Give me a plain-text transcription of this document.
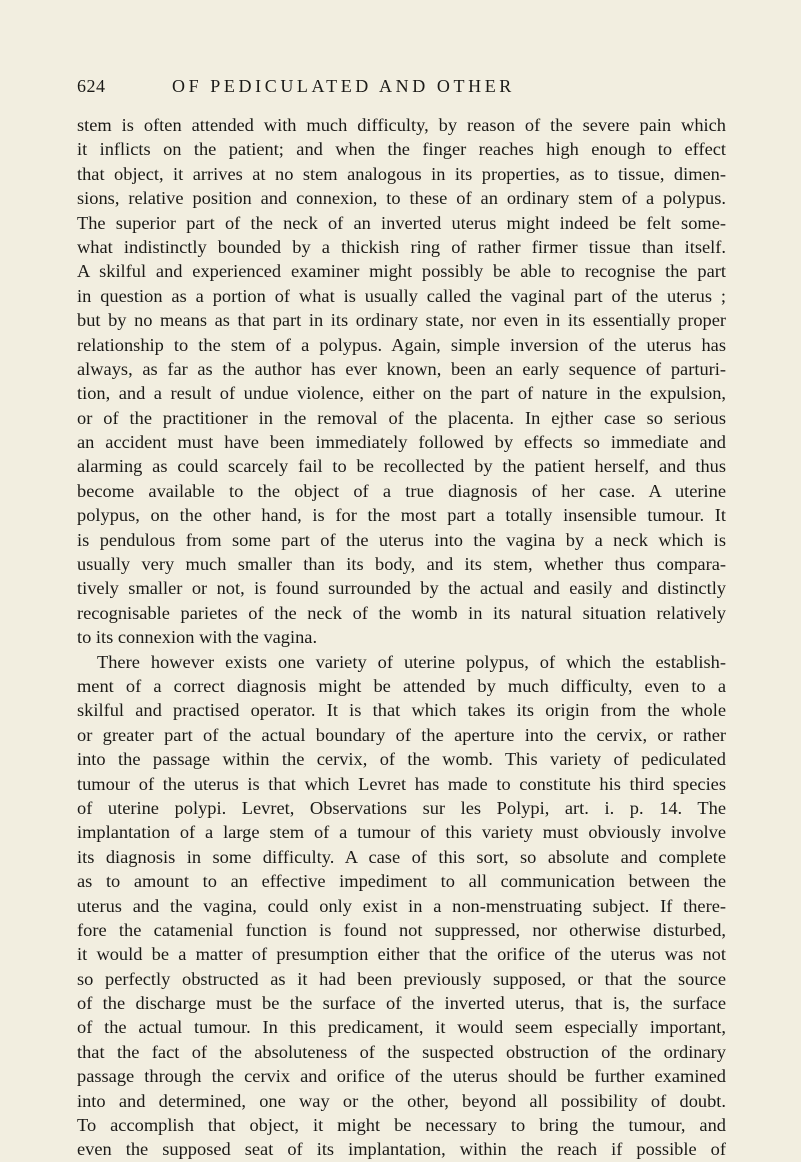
624	OF PEDICULATED AND OTHER
stem is often attended with much difficulty, by reason of the severe pain which
it inflicts on the patient; and when the finger reaches high enough to effect
that object, it arrives at no stem analogous in its properties, as to tissue, dimen-
sions, relative position and connexion, to these of an ordinary stem of a polypus.
The superior part of the neck of an inverted uterus might indeed be felt some-
what indistinctly bounded by a thickish ring of rather firmer tissue than itself.
A skilful and experienced examiner might possibly be able to recognise the part
in question as a portion of what is usually called the vaginal part of the uterus ;
but by no means as that part in its ordinary state, nor even in its essentially proper
relationship to the stem of a polypus. Again, simple inversion of the uterus has
always, as far as the author has ever known, been an early sequence of parturi-
tion, and a result of undue violence, either on the part of nature in the expulsion,
or of the practitioner in the removal of the placenta. In ejther case so serious
an accident must have been immediately followed by effects so immediate and
alarming as could scarcely fail to be recollected by the patient herself, and thus
become available to the object of a true diagnosis of her case. A uterine
polypus, on the other hand, is for the most part a totally insensible tumour. It
is pendulous from some part of the uterus into the vagina by a neck which is
usually very much smaller than its body, and its stem, whether thus compara-
tively smaller or not, is found surrounded by the actual and easily and distinctly
recognisable parietes of the neck of the womb in its natural situation relatively
to its connexion with the vagina.
There however exists one variety of uterine polypus, of which the establish-
ment of a correct diagnosis might be attended by much difficulty, even to a
skilful and practised operator. It is that which takes its origin from the whole
or greater part of the actual boundary of the aperture into the cervix, or rather
into the passage within the cervix, of the womb. This variety of pediculated
tumour of the uterus is that which Levret has made to constitute his third species
of uterine polypi. Levret, Observations sur les Polypi, art. i. p. 14. The
implantation of a large stem of a tumour of this variety must obviously involve
its diagnosis in some difficulty. A case of this sort, so absolute and complete
as to amount to an effective impediment to all communication between the
uterus and the vagina, could only exist in a non-menstruating subject. If there-
fore the catamenial function is found not suppressed, nor otherwise disturbed,
it would be a matter of presumption either that the orifice of the uterus was not
so perfectly obstructed as it had been previously supposed, or that the source
of the discharge must be the surface of the inverted uterus, that is, the surface
of the actual tumour. In this predicament, it would seem especially important,
that the fact of the absoluteness of the suspected obstruction of the ordinary
passage through the cervix and orifice of the uterus should be further examined
into and determined, one way or the other, beyond all possibility of doubt.
To accomplish that object, it might be necessary to bring the tumour, and
even the supposed seat of its implantation, within the reach if possible of
